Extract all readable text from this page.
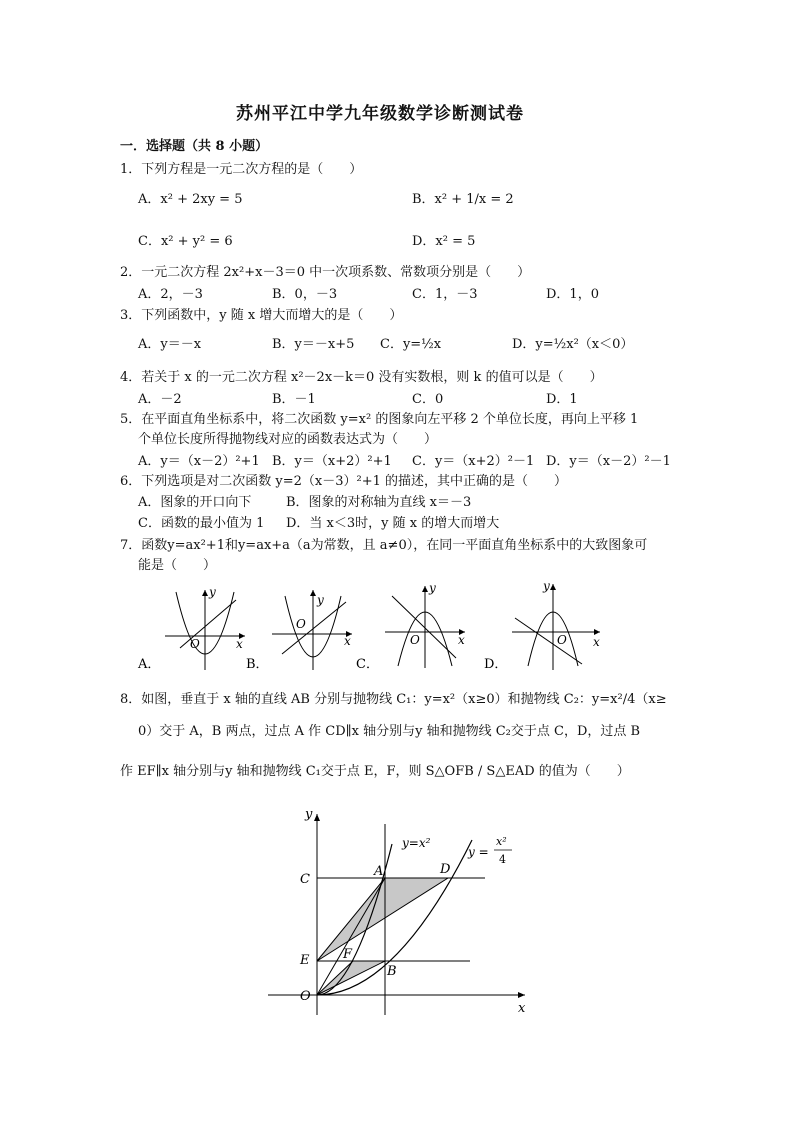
苏州平江中学九年级数学诊断测试卷
一．选择题（共 8 小题）
1．下列方程是一元二次方程的是（　　）
A．x² + 2xy = 5	B．x² + 1/x = 2
C．x² + y² = 6	D．x² = 5
2．一元二次方程 2x²+x－3＝0 中一次项系数、常数项分别是（　　）
A．2，－3	B．0，－3	C．1，－3	D．1，0
3．下列函数中，y 随 x 增大而增大的是（　　）
A．y＝－x	B．y＝－x+5 C．y=½x	D．y=½x²（x＜0）
4．若关于 x 的一元二次方程 x²－2x－k＝0 没有实数根，则 k 的值可以是（　　）
A．－2	B．－1	C．0	D．1
5．在平面直角坐标系中，将二次函数 y=x² 的图象向左平移 2 个单位长度，再向上平移 1
个单位长度所得抛物线对应的函数表达式为（　　）
A．y＝（x－2）²+1 B．y＝（x+2）²+1 C．y＝（x+2）²－1 D．y＝（x－2）²－1
6．下列选项是对二次函数 y=2（x－3）²+1 的描述，其中正确的是（　　）
A．图象的开口向下	B．图象的对称轴为直线 x＝－3
C．函数的最小值为 1 D．当 x＜3时，y 随 x 的增大而增大
7．函数y=ax²+1和y=ax+a（a为常数，且 a≠0），在同一平面直角坐标系中的大致图象可
能是（　　）
y
x
O
A．
y
x
O
B．
y
x
O
C．
y
x
O
D．
8．如图，垂直于 x 轴的直线 AB 分别与抛物线 C₁：y=x²（x≥0）和抛物线 C₂：y=x²/4（x≥
0）交于 A，B 两点，过点 A 作 CD∥x 轴分别与y 轴和抛物线 C₂交于点 C，D，过点 B
作 EF∥x 轴分别与y 轴和抛物线 C₁交于点 E，F，则 S△OFB / S△EAD 的值为（　　）
y
x
O
E
C
A	D
F
B
y=x²
y =
x²
4
